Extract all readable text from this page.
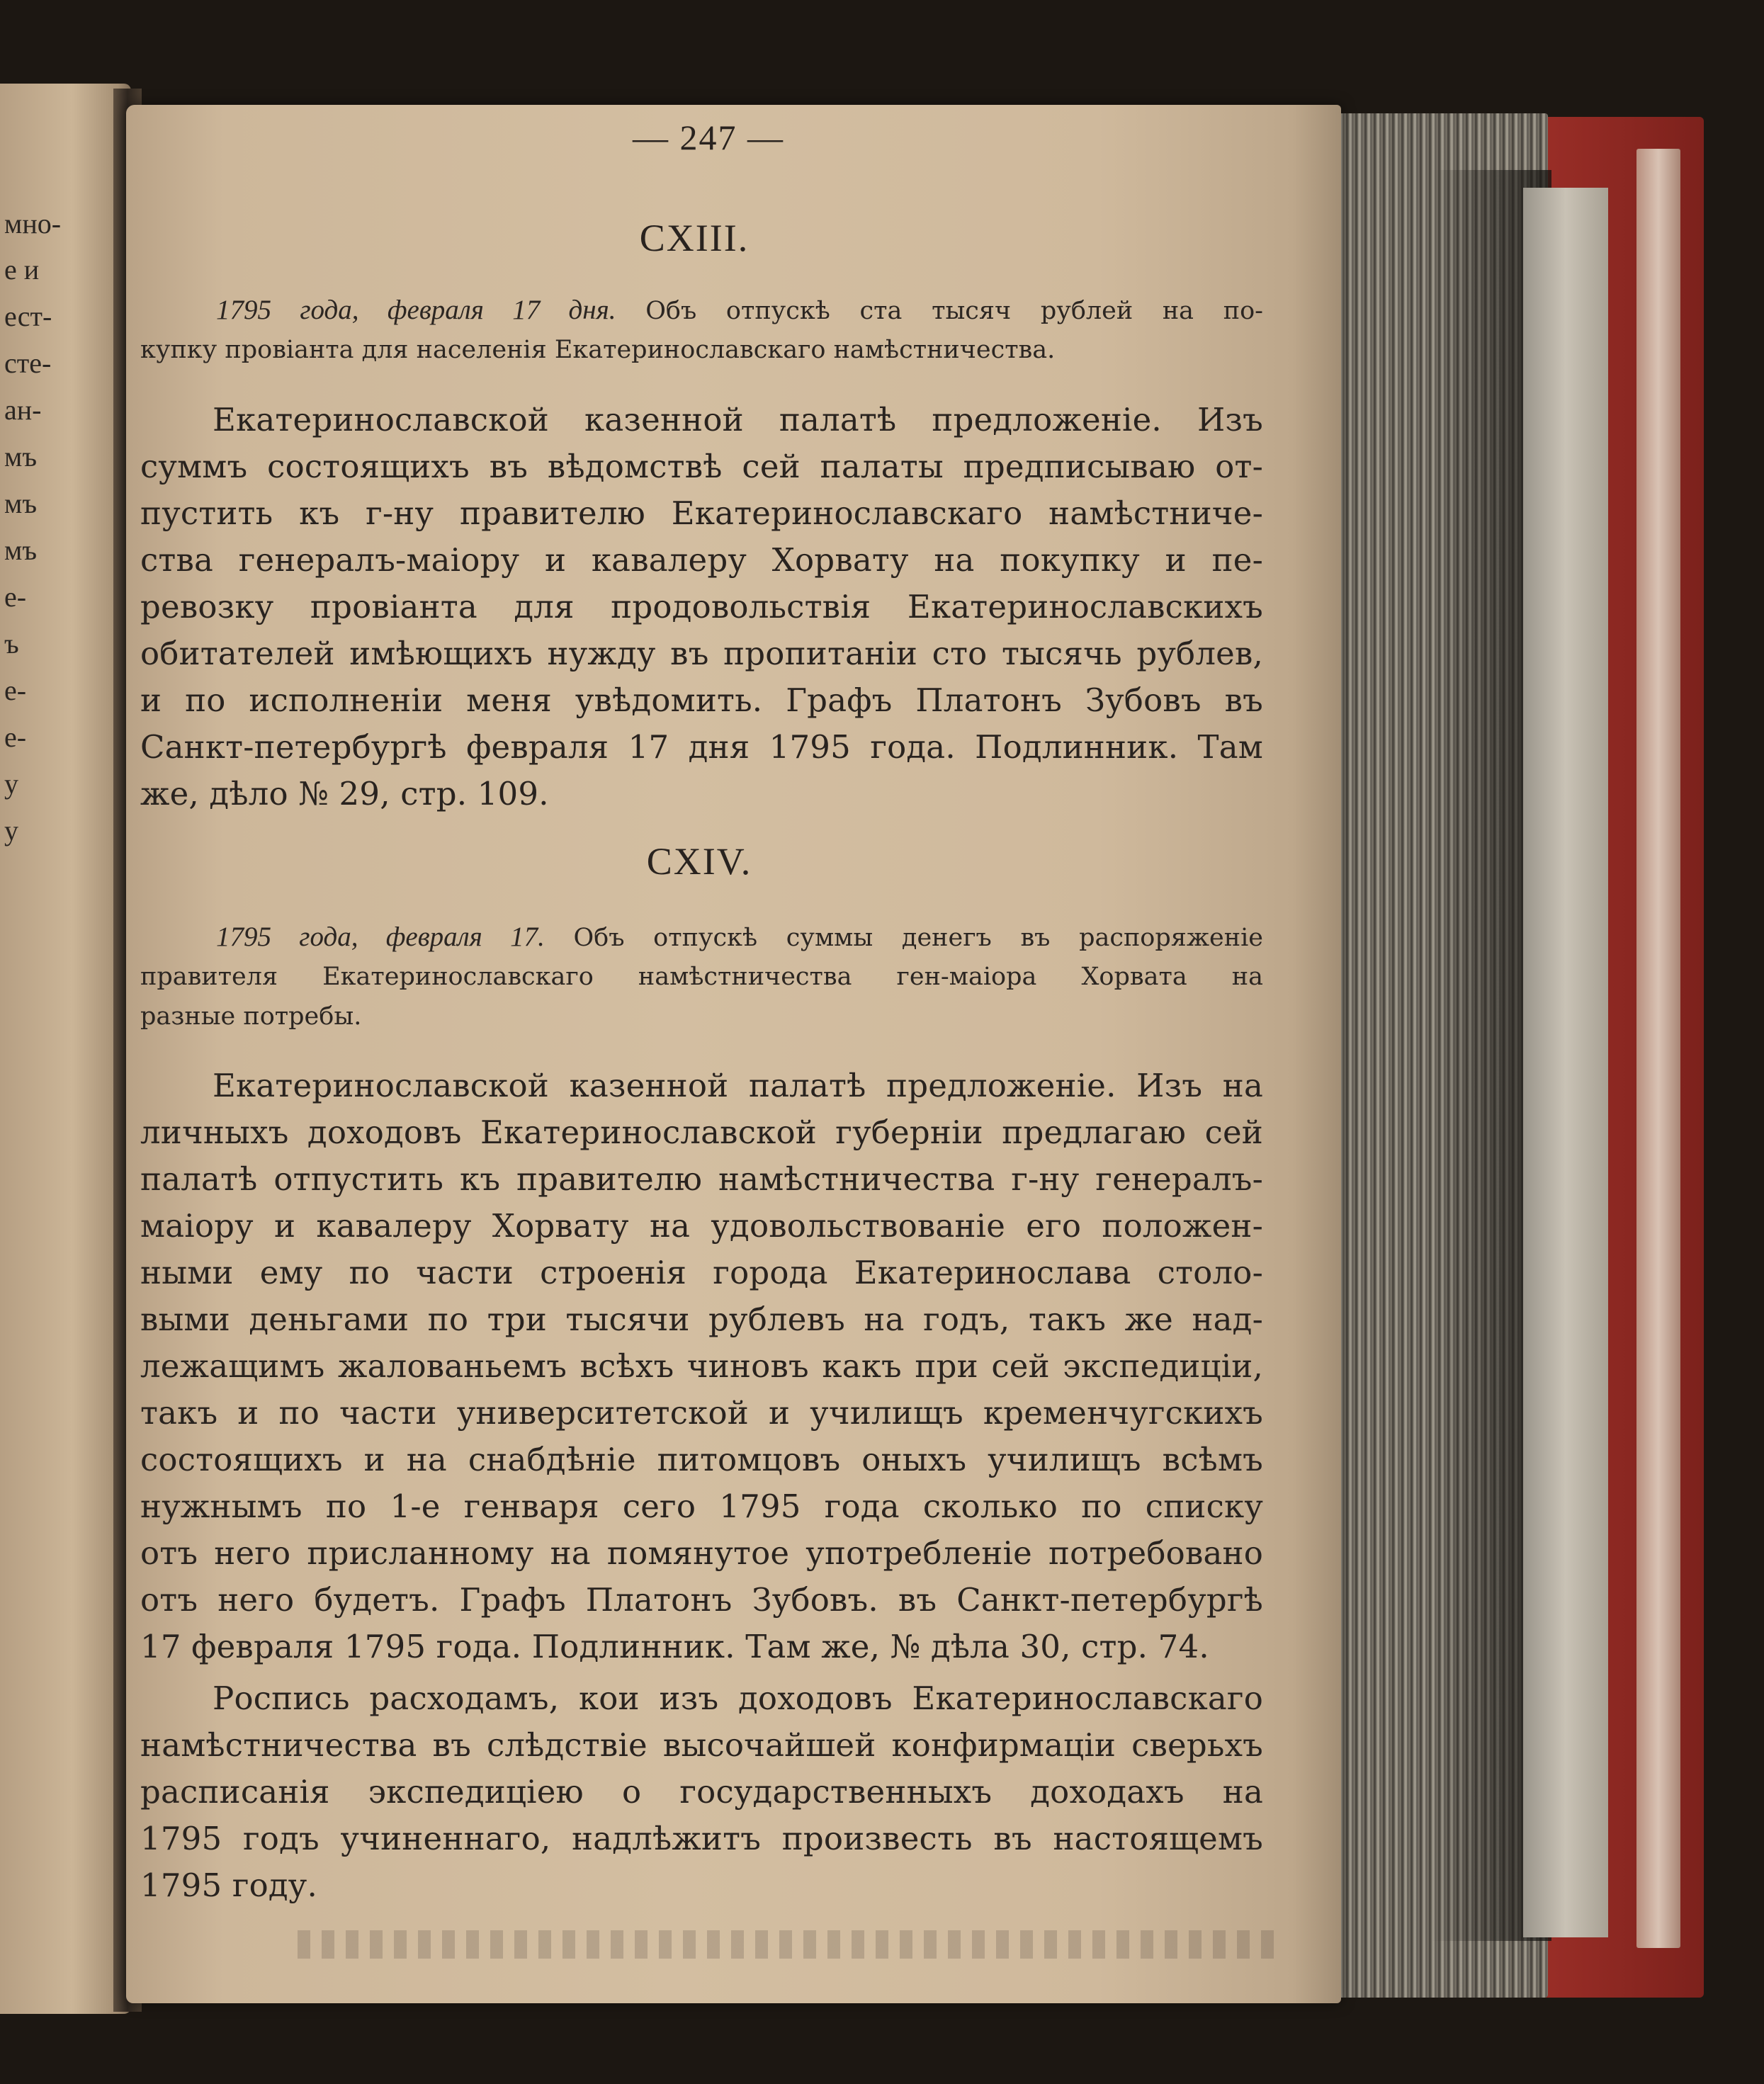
мно-
е и
ест-
сте-
ан-
мъ
мъ
мъ
е-
ъ
е-
е-
у
у
— 247 —
CXIII.
1795 года, февраля 17 дня. Объ отпускѣ ста тысяч рублей на по-
купку провіанта для населенія Екатеринославскаго намѣстничества.
Екатеринославской казенной палатѣ предложеніе. Изъ
суммъ состоящихъ въ вѣдомствѣ сей палаты предписываю от-
пустить къ г-ну правителю Екатеринославскаго намѣстниче-
ства генералъ-маіору и кавалеру Хорвату на покупку и пе-
ревозку провіанта для продовольствія Екатеринославскихъ
обитателей имѣющихъ нужду въ пропитаніи сто тысячь рублев,
и по исполненіи меня увѣдомить. Графъ Платонъ Зубовъ въ
Санкт-петербургѣ февраля 17 дня 1795 года. Подлинник. Там
же, дѣло № 29, стр. 109.
CXIV.
1795 года, февраля 17. Объ отпускѣ суммы денегъ въ распоряженіе
правителя Екатеринославскаго намѣстничества ген-маіора Хорвата на
разные потребы.
Екатеринославской казенной палатѣ предложеніе. Изъ на
личныхъ доходовъ Екатеринославской губерніи предлагаю сей
палатѣ отпустить къ правителю намѣстничества г-ну генералъ-
маіору и кавалеру Хорвату на удовольствованіе его положен-
ными ему по части строенія города Екатеринослава столо-
выми деньгами по три тысячи рублевъ на годъ, такъ же над-
лежащимъ жалованьемъ всѣхъ чиновъ какъ при сей экспедиціи,
такъ и по части университетской и училищъ кременчугскихъ
состоящихъ и на снабдѣніе питомцовъ оныхъ училищъ всѣмъ
нужнымъ по 1-е генваря сего 1795 года сколько по списку
отъ него присланному на помянутое употребленіе потребовано
отъ него будетъ. Графъ Платонъ Зубовъ. въ Санкт-петербургѣ
17 февраля 1795 года. Подлинник. Там же, № дѣла 30, стр. 74.
Роспись расходамъ, кои изъ доходовъ Екатеринославскаго
намѣстничества въ слѣдствіе высочайшей конфирмаціи сверьхъ
расписанія экспедиціею о государственныхъ доходахъ на
1795 годъ учиненнаго, надлѣжитъ произвесть въ настоящемъ
1795 году.
